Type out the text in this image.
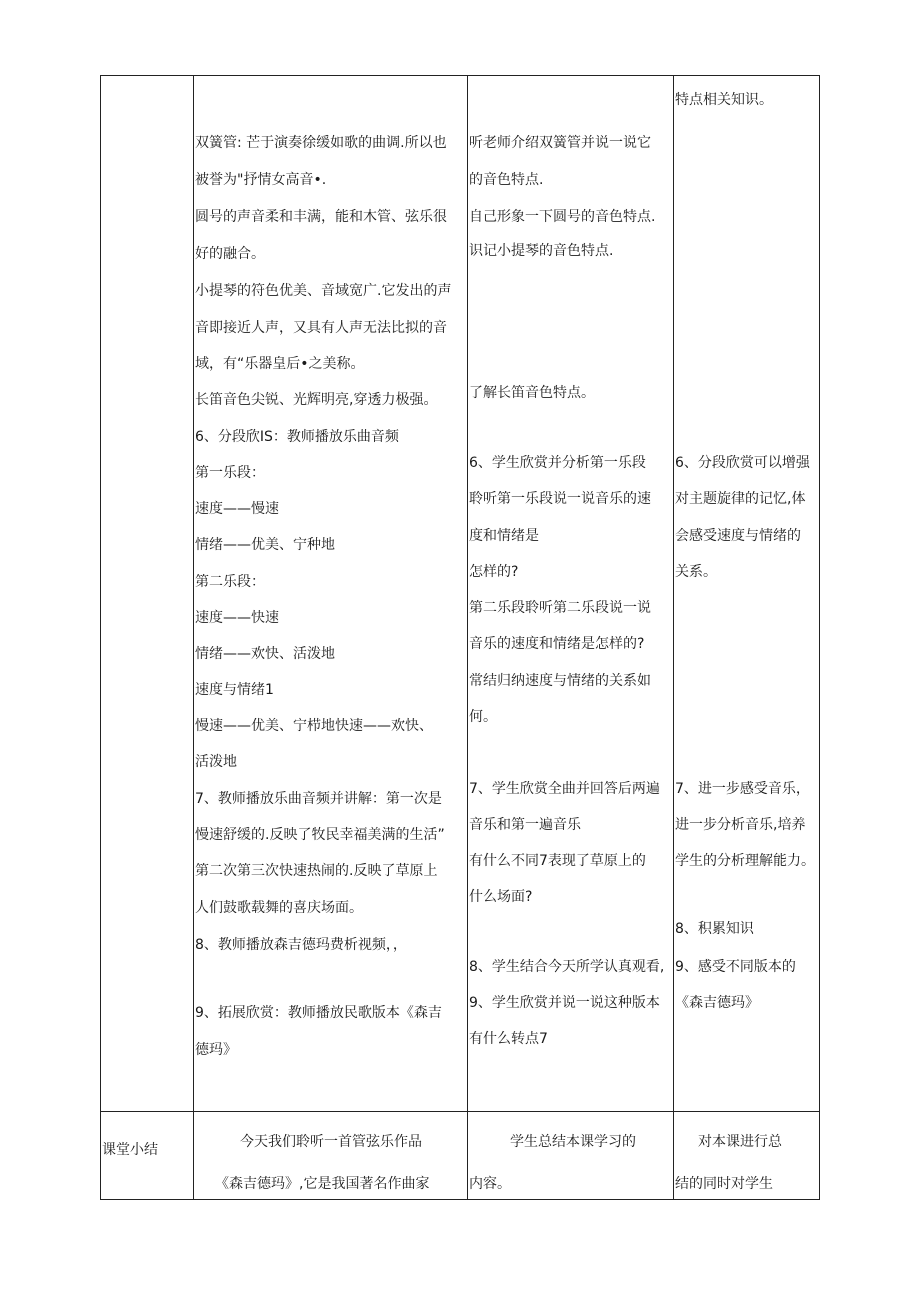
双簧管: 芒于演奏徐缓如歌的曲调.所以也
被誉为"抒情女高音•.
圆号的声音柔和丰满，能和木管、弦乐很
好的融合。
小提琴的符色优美、音域宽广.它发出的声
音即接近人声，又具有人声无法比拟的音
域，有“乐器皇后•之美称。
长笛音色尖锐、光辉明亮,穿透力极强。
6、分段欣IS：教师播放乐曲音频
第一乐段：
速度——慢速
情绪——优美、宁种地
第二乐段：
速度——快速
情绪——欢快、活泼地
速度与情绪1
慢速——优美、宁栉地快速——欢快、
活泼地
7、教师播放乐曲音频并讲解：第一次是
慢速舒缓的.反映了牧民幸福美满的生活”
第二次第三次快速热闹的.反映了草原上
人们鼓歌载舞的喜庆场面。
8、教师播放森吉德玛费析视频，，
9、拓展欣赏：教师播放民歌版本《森吉
德玛》
听老师介绍双簧管并说一说它
的音色特点.
自己形象一下圆号的音色特点.
识记小提琴的音色特点.
了解长笛音色特点。
6、学生欣赏并分析第一乐段
聆听第一乐段说一说音乐的速
度和情绪是
怎样的?
第二乐段聆听第二乐段说一说
音乐的速度和情绪是怎样的?
常结归纳速度与情绪的关系如
何。
7、学生欣赏全曲并回答后两遍
音乐和第一遍音乐
有什么不同7表现了草原上的
什么场面?
8、学生结合今天所学认真观看,
9、学生欣赏并说一说这种版本
有什么转点7
特点相关知识。
6、分段欣赏可以增强
对主题旋律的记忆,体
会感受速度与情绪的
关系。
7、进一步感受音乐，
进一步分析音乐,培养
学生的分析理解能力。
8、积累知识
9、感受不同版本的
《森吉德玛》
课堂小结	今天我们聆听一首管弦乐作品
《森吉德玛》,它是我国著名作曲家
学生总结本课学习的
内容。
对本课进行总
结的同时对学生
